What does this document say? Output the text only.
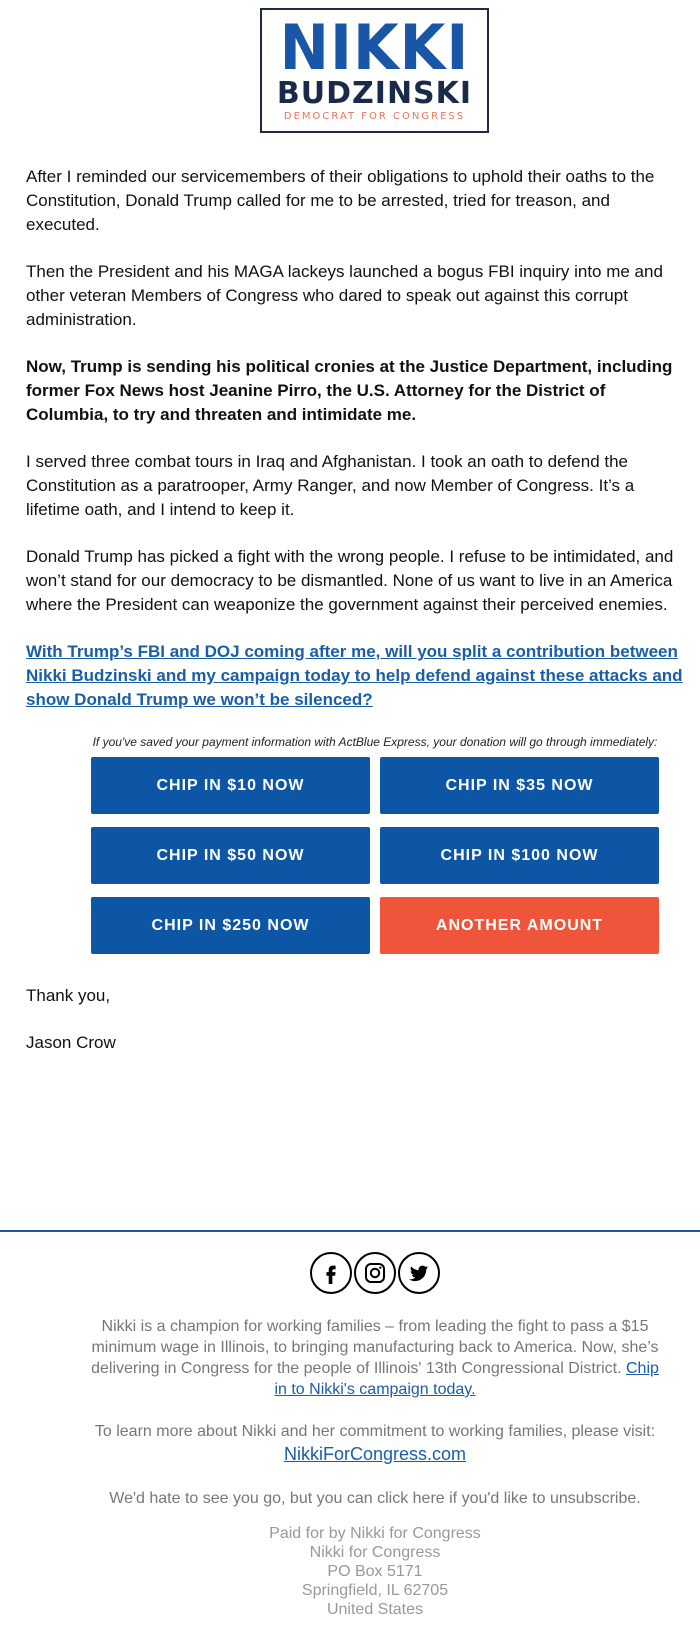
NIKKI
BUDZINSKI
DEMOCRAT FOR CONGRESS

After I reminded our servicemembers of their obligations to uphold their oaths to the

Constitution, Donald Trump called for me to be arrested, tried for treason, and

executed.

Then the President and his MAGA lackeys launched a bogus FBI inquiry into me and

other veteran Members of Congress who dared to speak out against this corrupt

administration.

Now, Trump is sending his political cronies at the Justice Department, including

former Fox News host Jeanine Pirro, the U.S. Attorney for the District of

Columbia, to try and threaten and intimidate me.

I served three combat tours in Iraq and Afghanistan. I took an oath to defend the

Constitution as a paratrooper, Army Ranger, and now Member of Congress. It’s a

lifetime oath, and I intend to keep it.

Donald Trump has picked a fight with the wrong people. I refuse to be intimidated, and

won’t stand for our democracy to be dismantled. None of us want to live in an America

where the President can weaponize the government against their perceived enemies.

With Trump’s FBI and DOJ coming after me, will you split a contribution between

Nikki Budzinski and my campaign today to help defend against these attacks and

show Donald Trump we won’t be silenced?

If you've saved your payment information with ActBlue Express, your donation will go through immediately:
CHIP IN $10 NOW	CHIP IN $35 NOW
CHIP IN $50 NOW	CHIP IN $100 NOW
CHIP IN $250 NOW	ANOTHER AMOUNT
Thank you,
Jason Crow
Nikki is a champion for working families – from leading the fight to pass a $15
minimum wage in Illinois, to bringing manufacturing back to America. Now, she’s
delivering in Congress for the people of Illinois' 13th Congressional District. Chip
in to Nikki's campaign today.
To learn more about Nikki and her commitment to working families, please visit:
NikkiForCongress.com
We'd hate to see you go, but you can click here if you'd like to unsubscribe.
Paid for by Nikki for Congress
Nikki for Congress
PO Box 5171
Springfield, IL 62705
United States
